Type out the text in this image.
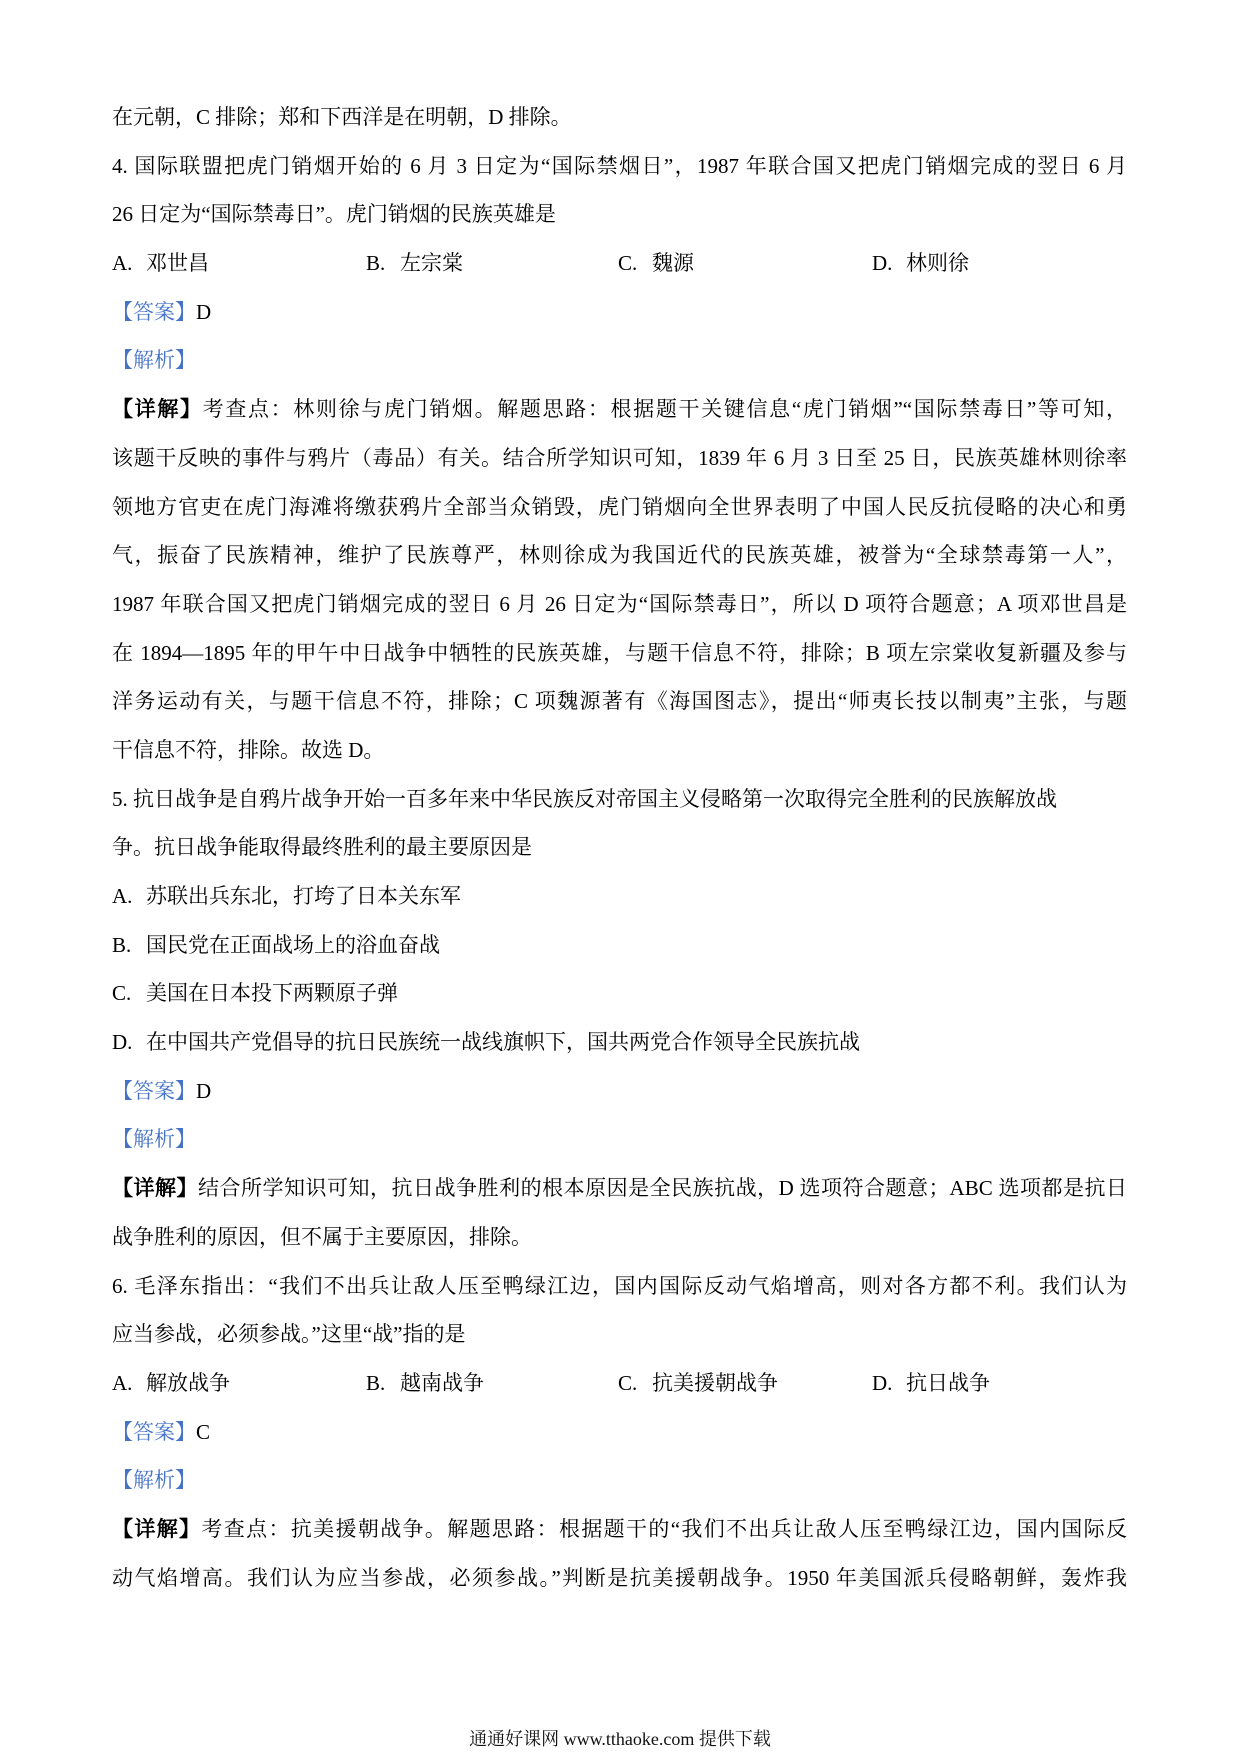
在元朝，C 排除；郑和下西洋是在明朝，D 排除。
4. 国际联盟把虎门销烟开始的 6 月 3 日定为“国际禁烟日”，1987 年联合国又把虎门销烟完成的翌日 6 月
26 日定为“国际禁毒日”。虎门销烟的民族英雄是
A. 邓世昌	B. 左宗棠	C. 魏源	D. 林则徐
【答案】D
【解析】
【详解】考查点：林则徐与虎门销烟。解题思路：根据题干关键信息“虎门销烟”“国际禁毒日”等可知，
该题干反映的事件与鸦片（毒品）有关。结合所学知识可知，1839 年 6 月 3 日至 25 日，民族英雄林则徐率
领地方官吏在虎门海滩将缴获鸦片全部当众销毁，虎门销烟向全世界表明了中国人民反抗侵略的决心和勇
气，振奋了民族精神，维护了民族尊严，林则徐成为我国近代的民族英雄，被誉为“全球禁毒第一人”，
1987 年联合国又把虎门销烟完成的翌日 6 月 26 日定为“国际禁毒日”，所以 D 项符合题意；A 项邓世昌是
在 1894—1895 年的甲午中日战争中牺牲的民族英雄，与题干信息不符，排除；B 项左宗棠收复新疆及参与
洋务运动有关，与题干信息不符，排除；C 项魏源著有《海国图志》，提出“师夷长技以制夷”主张，与题
干信息不符，排除。故选 D。
5. 抗日战争是自鸦片战争开始一百多年来中华民族反对帝国主义侵略第一次取得完全胜利的民族解放战
争。抗日战争能取得最终胜利的最主要原因是
A. 苏联出兵东北，打垮了日本关东军
B. 国民党在正面战场上的浴血奋战
C. 美国在日本投下两颗原子弹
D. 在中国共产党倡导的抗日民族统一战线旗帜下，国共两党合作领导全民族抗战
【答案】D
【解析】
【详解】结合所学知识可知，抗日战争胜利的根本原因是全民族抗战，D 选项符合题意；ABC 选项都是抗日
战争胜利的原因，但不属于主要原因，排除。
6. 毛泽东指出：“我们不出兵让敌人压至鸭绿江边，国内国际反动气焰增高，则对各方都不利。我们认为
应当参战，必须参战。”这里“战”指的是
A. 解放战争	B. 越南战争	C. 抗美援朝战争	D. 抗日战争
【答案】C
【解析】
【详解】考查点：抗美援朝战争。解题思路：根据题干的“我们不出兵让敌人压至鸭绿江边，国内国际反
动气焰增高。我们认为应当参战，必须参战。”判断是抗美援朝战争。1950 年美国派兵侵略朝鲜，轰炸我
通通好课网 www.tthaoke.com 提供下载
